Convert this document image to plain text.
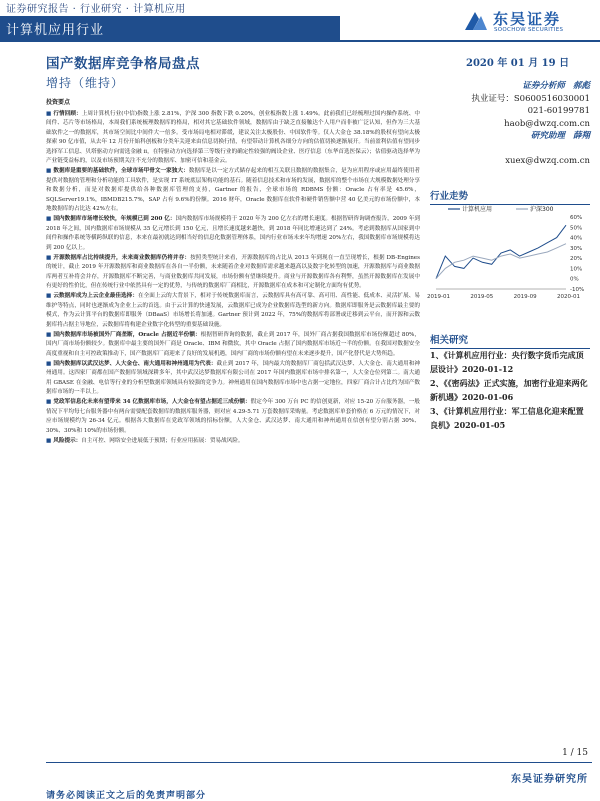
证券研究报告 · 行业研究 · 计算机应用
东吴证券
SOOCHOW SECURITIES
计算机应用行业
国产数据库竞争格局盘点	2020 年 01 月 19 日
增持（维持）	证券分析师 郝彪
执业证号：S0600516030001
021-60199781
haob@dwzq.com.cn
研究助理 薛翔
xuex@dwzq.com.cn
行业走势
计算机应用	沪深300
60%
50%
40%
30%
20%
10%
0%
-10%
2019-01	2019-05	2019-09	2020-01
相关研究
1、《计算机应用行业：央行数字货币完成顶层设计》2020-01-12
2、《《密码法》正式实施，加密行业迎来两化新机遇》2020-01-06
3、《计算机应用行业：军工信息化迎来配置良机》2020-01-05
投资要点
■ 行情回顾：上周计算机行业(中信)指数上涨 2.81%，沪深 300 指数下跌 0.20%，创业板指数上涨 1.49%。此前我们已经梳理过国内操作系统、中间件、芯片等市场格局，本周我们系统梳理数据库的格局，相对其它基础软件领域，数据库由于缺乏直接触达个人用户而非被广泛认知，但作为三大基础软件之一的数据库，其市场空间比中间件大一倍多。受市场局电相对滞缓，建议关注太极股份、中国软件等。仅人大金仓 38.18%的股权有望向太极探索 90 亿市值，从去年 12 月份开始科创板和分类年关迎来由信息切换行情，有望带动计算机各细分方向的估值切换逐渐展开。当前盈利估值有望同步选择军工信息、贝塔驱动方向需选金融 ii，在特驱动方向选择第三等级行业的确定性较强的阀设企业、医疗信息（东华首选医保云）；估值驱动选择华为产业链受益标的，以及市场预期关注不充分的数据库、加密可信和基金云。
■ 数据库是重要的基础软件，全球市场甲骨文一家独大：数据库是以一定方式储存起来的相互关联且数据的数据集合，是为应用程序或应用最终使用者提供对数据的管理和分析功能的工具软件，是实现 IT 系统底层架构功能的基石。随着信息技术和市场的发展，数据库的整个市场在大规模数据处理分享和数据分析，而是对数据库提供给各种数据库管理的支持，Gartner 的报告，全球市场的 RDBMS 份额：Oracle 占有率是 45.6%，SQLServer19.1%，IBMDB215.7%，SAP 占有 9.6%的份额。2016 财年，Oracle 数据库在软件和硬件销售额中营 40 亿美元的市场份额中，本地数据库的占比达 42%左右。
■ 国内数据库市场增长较快，年规模已到 200 亿：国内数据库市场规模将于 2020 年为 200 亿左右的增长速度。根据智研咨询调查报告，2009 年到 2018 年之间，国内数据库市场规模从 35 亿元增长到 150 亿元，且增长速度越来越快，到 2018 年同比增速达到了 24%。考虑到数据库从国家到中间件和操作系统等横跨纵联的信息，本来在最初就达到相当好的信息化数据管理体系，国内行业市场未来年均增速 20%左右，我国数据库市场规模将达到 200 亿以上。
■ 开源数据库占比持续提升，未来商业数据库仍将并存：按照类型统计来看，开源数据库的占比从 2013 年到现在一直呈现增长，根据 DB-Engines 的统计，截止 2019 年开源数据库和商业数据库在各自一半份额，未来随着企业对数据库需求越来越高以及数字化转型的加速，开源数据库与商业数据库两者互补将会并存，开源数据库不断完善，与商业数据库共同发展，市场份额有望继续提升。商业与开源数据库各有利弊，虽然开源数据库在发展中有更好的性价比，但在传统行业中依然具有一定的优势，与传统的数据库厂商相比，开源数据库在成本和可定制化方面均有优势。
■ 云数据库成为上云企业最佳选择：在全面上云的大背景下，相对于传统数据库而言，云数据库具有高可靠、高可用、高性能、低成本、灵活扩展、易维护等特点，同时也逐渐成为企业上云的首选。由于云计算的快速发展，云数据库已成为企业数据库选型的新方向。数据库即服务是云数据库最主要的模式，作为云计算平台的数据库即服务（DBaaS）市场增长将加速。Gartner 预计到 2022 年，75%的数据库将部署或迁移到云平台，而开源和云数据库将占据主导地位，云数据库将构建企业数字化转型的重要基础设施。
■ 国内数据库市场被国外厂商垄断，Oracle 占据近半份额：根据智研咨询的数据，截止到 2017 年，国外厂商占据我国数据库市场份额超过 80%，国内厂商市场份额较少。数据库中最主要的国外厂商是 Oracle、IBM 和微软，其中 Oracle 占据了国内数据库市场近一半的份额。在我国对数据安全高度重视和自主可控政策推动下，国产数据库厂商迎来了良好的发展机遇，国内厂商的市场份额有望在未来逐步提升，国产化替代是大势所趋。
■ 国内数据库以武汉达梦、人大金仓、南大通用和神州通用为代表：截止到 2017 年，国内最大的数据库厂商包括武汉达梦、人大金仓、南大通用和神州通用。这四家厂商都在国产数据库领域深耕多年，其中武汉达梦数据库有限公司在 2017 年国内数据库市场中排名第一，人大金仓位列第二。南大通用 GBASE 在金融、电信等行业的分析型数据库领域具有较强的竞争力。神州通用在国内数据库市场中也占据一定地位，四家厂商合计占比约为国产数据库市场的一半以上。
■ 党政军信息化未来有望带来 34 亿数据库市场，人大金仓有望占据近三成份额：假定今年 300 万台 PC 的信创更新，对应 15-20 万台服务器，一般情况下平均每七台服务器中有两台需要配套数据库的数据库服务器，则对应 4.29-5.71 万套数据库采购量。考虑数据库单套价格在 6 万元的情况下，对应市场规模约为 26-34 亿元。根据各大数据库在党政军领域的招标份额，人大金仓、武汉达梦、南大通用和神州通用在信创有望分别占据 30%、30%、30%和 10%的市场份额。
■ 风险提示：自主可控、网络安全进展低于预期；行业应用拓展：贸易战风险。
1 / 15
东吴证券研究所
请务必阅读正文之后的免责声明部分
